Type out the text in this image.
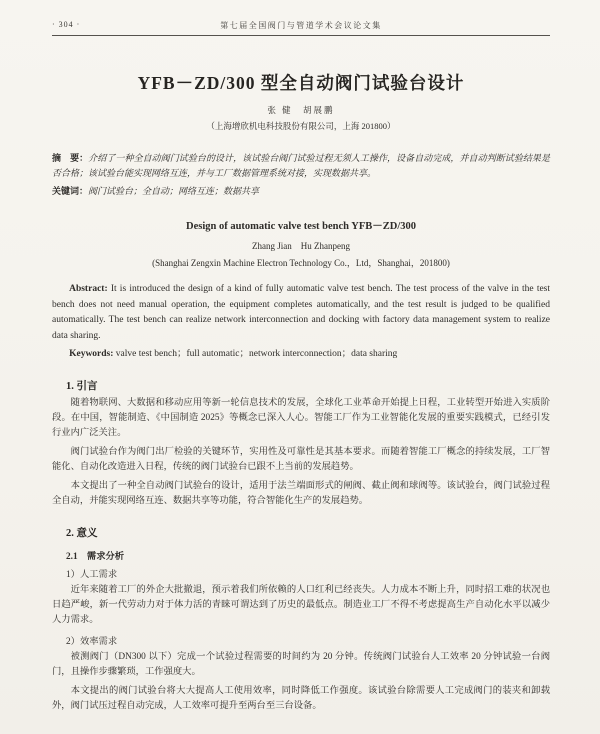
· 304 ·	第七届全国阀门与管道学术会议论文集
YFB－ZD/300 型全自动阀门试验台设计
张 健　胡展鹏
（上海增欣机电科技股份有限公司，上海 201800）

摘　要：介绍了一种全自动阀门试验台的设计，该试验台阀门试验过程无须人工操作，设备自动完成，并自动判断试验结果是否合格；该试验台能实现网络互连，并与工厂数据管理系统对接，实现数据共享。

关键词：阀门试验台；全自动；网络互连；数据共享

Design of automatic valve test bench YFB－ZD/300
Zhang Jian　Hu Zhanpeng
(Shanghai Zengxin Machine Electron Technology Co.，Ltd，Shanghai，201800)

Abstract: It is introduced the design of a kind of fully automatic valve test bench. The test process of the valve in the test bench does not need manual operation, the equipment completes automatically, and the test result is judged to be qualified automatically. The test bench can realize network interconnection and docking with factory data management system to realize data sharing.

Keywords: valve test bench；full automatic；network interconnection；data sharing

1. 引言

随着物联网、大数据和移动应用等新一轮信息技术的发展，全球化工业革命开始提上日程，工业转型开始进入实质阶段。在中国，智能制造、《中国制造 2025》等概念已深入人心。智能工厂作为工业智能化发展的重要实践模式，已经引发行业内广泛关注。

阀门试验台作为阀门出厂检验的关键环节，实用性及可靠性是其基本要求。而随着智能工厂概念的持续发展，工厂智能化、自动化改造进入日程，传统的阀门试验台已跟不上当前的发展趋势。

本文提出了一种全自动阀门试验台的设计，适用于法兰端面形式的闸阀、截止阀和球阀等。该试验台，阀门试验过程全自动，并能实现网络互连、数据共享等功能，符合智能化生产的发展趋势。

2. 意义
2.1　需求分析
1）人工需求

近年来随着工厂的外企大批撤退，预示着我们所依赖的人口红利已经丧失。人力成本不断上升，同时招工难的状况也日趋严峻，新一代劳动力对于体力活的青睐可谓达到了历史的最低点。制造业工厂不得不考虑提高生产自动化水平以减少人力需求。

2）效率需求

被测阀门（DN300 以下）完成一个试验过程需要的时间约为 20 分钟。传统阀门试验台人工效率 20 分钟试验一台阀门，且操作步骤繁琐，工作强度大。

本文提出的阀门试验台将大大提高人工使用效率，同时降低工作强度。该试验台除需要人工完成阀门的装夹和卸载外，阀门试压过程自动完成，人工效率可提升至两台至三台设备。
